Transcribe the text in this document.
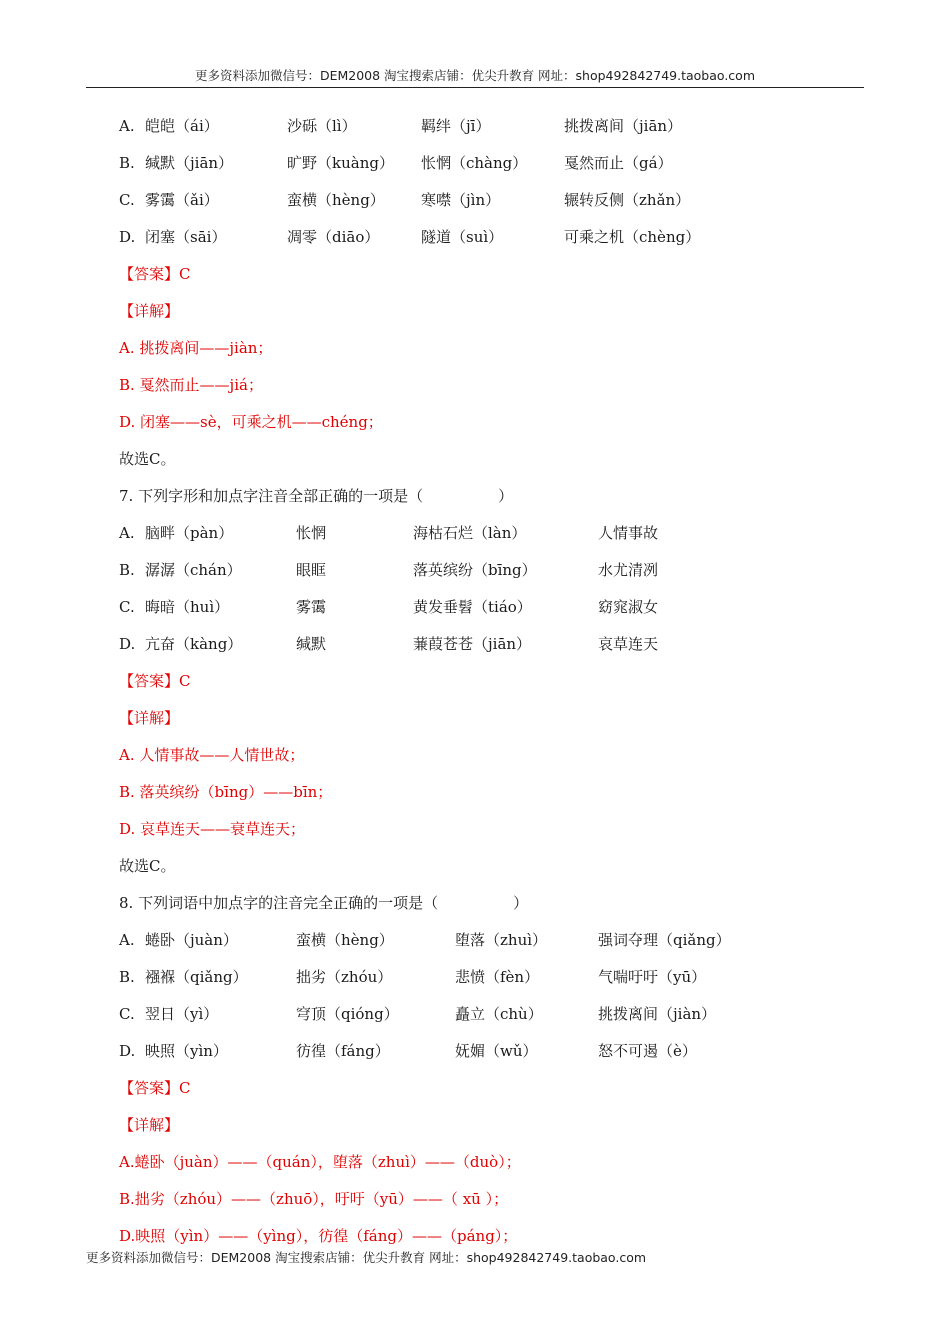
更多资料添加微信号：DEM2008 淘宝搜索店铺：优尖升教育 网址：shop492842749.taobao.com
A. 皑皑（ái）	沙砾（lì）	羁绊（jī）	挑拨离间（jiān）
B. 缄默（jiān）	旷野（kuàng） 怅惘（chàng） 戛然而止（gá）
C. 雾霭（ǎi）	蛮横（hèng） 寒噤（jìn）	辗转反侧（zhǎn）
D. 闭塞（sāi）	凋零（diāo）	隧道（suì）	可乘之机（chèng）
【答案】C
【详解】
A. 挑拨离间——jiàn；
B. 戛然而止——jiá；
D. 闭塞——sè，可乘之机——chéng；
故选C。
7. 下列字形和加点字注音全部正确的一项是（　　　　　）
A. 脑畔（pàn）	怅惘	海枯石烂（làn）	人情事故
B. 潺潺（chán）	眼眶	落英缤纷（bīng）	水尤清冽
C. 晦暗（huì）	雾霭	黄发垂髫（tiáo）	窈窕淑女
D. 亢奋（kàng）	缄默	蒹葭苍苍（jiān）	哀草连天
【答案】C
【详解】
A. 人情事故——人情世故；
B. 落英缤纷（bīng）——bīn；
D. 哀草连天——衰草连天；
故选C。
8. 下列词语中加点字的注音完全正确的一项是（　　　　　）
A. 蜷卧（juàn）	蛮横（hèng）	堕落（zhuì）	强词夺理（qiǎng）
B. 襁褓（qiǎng）	拙劣（zhóu）	悲愤（fèn）	气喘吁吁（yū）
C. 翌日（yì）	穹顶（qióng）	矗立（chù）	挑拨离间（jiàn）
D. 映照（yìn）	彷徨（fáng）	妩媚（wǔ）	怒不可遏（è）
【答案】C
【详解】
A.蜷卧（juàn）——（quán），堕落（zhuì）——（duò）；
B.拙劣（zhóu）——（zhuō），吁吁（yū）——（ xū ）；
D.映照（yìn）——（yìng），彷徨（fáng）——（páng）；
更多资料添加微信号：DEM2008 淘宝搜索店铺：优尖升教育 网址：shop492842749.taobao.com
